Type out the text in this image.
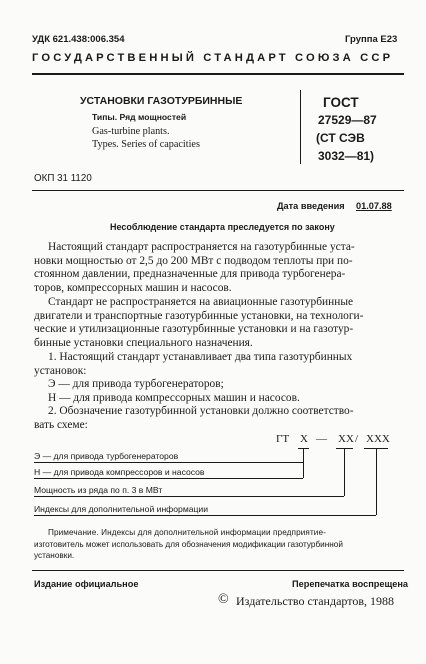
УДК 621.438:006.354	Группа Е23
ГОСУДАРСТВЕННЫЙ СТАНДАРТ СОЮЗА ССР
УСТАНОВКИ ГАЗОТУРБИННЫЕ
Типы. Ряд мощностей
Gas-turbine plants.
Types. Series of capacities
ГОСТ
27529—87
(СТ СЭВ
3032—81)
ОКП 31 1120
Дата введения 01.07.88
Несоблюдение стандарта преследуется по закону
Настоящий стандарт распространяется на газотурбинные уста-
новки мощностью от 2,5 до 200 МВт с подводом теплоты при по-
стоянном давлении, предназначенные для привода турбогенера-
торов, компрессорных машин и насосов.
Стандарт не распространяется на авиационные газотурбинные
двигатели и транспортные газотурбинные установки, на технологи-
ческие и утилизационные газотурбинные установки и на газотур-
бинные установки специального назначения.
1. Настоящий стандарт устанавливает два типа газотурбинных
установок:
Э — для привода турбогенераторов;
Н — для привода компрессорных машин и насосов.
2. Обозначение газотурбинной установки должно соответство-
вать схеме:
ГТ Х — XX / XXX
Э — для привода турбогенераторов
Н — для привода компрессоров и насосов
Мощность из ряда по п. 3 в МВт
Индексы для дополнительной информации
Примечание. Индексы для дополнительной информации предприятие-
изготовитель может использовать для обозначения модификации газотурбинной
установки.
Издание официальное	Перепечатка воспрещена
© Издательство стандартов, 1988
